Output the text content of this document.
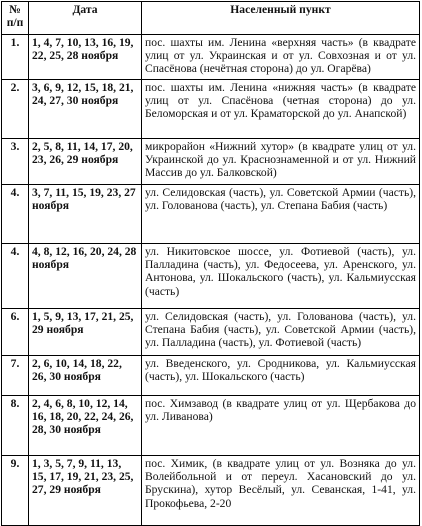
№ п/п	Дата	Населенный пункт
1.	1, 4, 7, 10, 13, 16, 19, 22, 25, 28 ноября	пос. шахты им. Ленина «верхняя часть» (в квадрате улиц от ул. Украинская и от ул. Совхозная и от ул. Спасёнова (нечётная сторона) до ул. Огарёва)
2.	3, 6, 9, 12, 15, 18, 21, 24, 27, 30 ноября	пос. шахты им. Ленина «нижняя часть» (в квадрате улиц от ул. Спасёнова (четная сторона) до ул. Беломорская и от ул. Краматорской до ул. Анапской)
3.	2, 5, 8, 11, 14, 17, 20, 23, 26, 29 ноября	микрорайон «Нижний хутор» (в квадрате улиц от ул. Украинской до ул. Краснознаменной и от ул. Нижний Массив до ул. Балковской)
4.	3, 7, 11, 15, 19, 23, 27 ноября	ул. Селидовская (часть), ул. Советской Армии (часть), ул. Голованова (часть), ул. Степана Бабия (часть)
4.	4, 8, 12, 16, 20, 24, 28 ноября	ул. Никитовское шоссе, ул. Фотиевой (часть), ул. Палладина (часть), ул. Федосеева, ул. Аренского, ул. Антонова, ул. Шокальского (часть), ул. Кальмиусская (часть)
6.	1, 5, 9, 13, 17, 21, 25, 29 ноября	ул. Селидовская (часть), ул. Голованова (часть), ул. Степана Бабия (часть), ул. Советской Армии (часть), ул. Палладина (часть), ул. Фотиевой (часть)
7.	2, 6, 10, 14, 18, 22, 26, 30 ноября	ул. Введенского, ул. Сродникова, ул. Кальмиусская (часть), ул. Шокальского (часть)
8.	2, 4, 6, 8, 10, 12, 14, 16, 18, 20, 22, 24, 26, 28, 30 ноября	пос. Химзавод (в квадрате улиц от ул. Щербакова до ул. Ливанова)
9.	1, 3, 5, 7, 9, 11, 13, 15, 17, 19, 21, 23, 25, 27, 29 ноября	пос. Химик, (в квадрате улиц от ул. Возняка до ул. Волейбольной и от переул. Хасановский до ул. Брускина), хутор Весёлый, ул. Севанская, 1-41, ул. Прокофьева, 2-20
